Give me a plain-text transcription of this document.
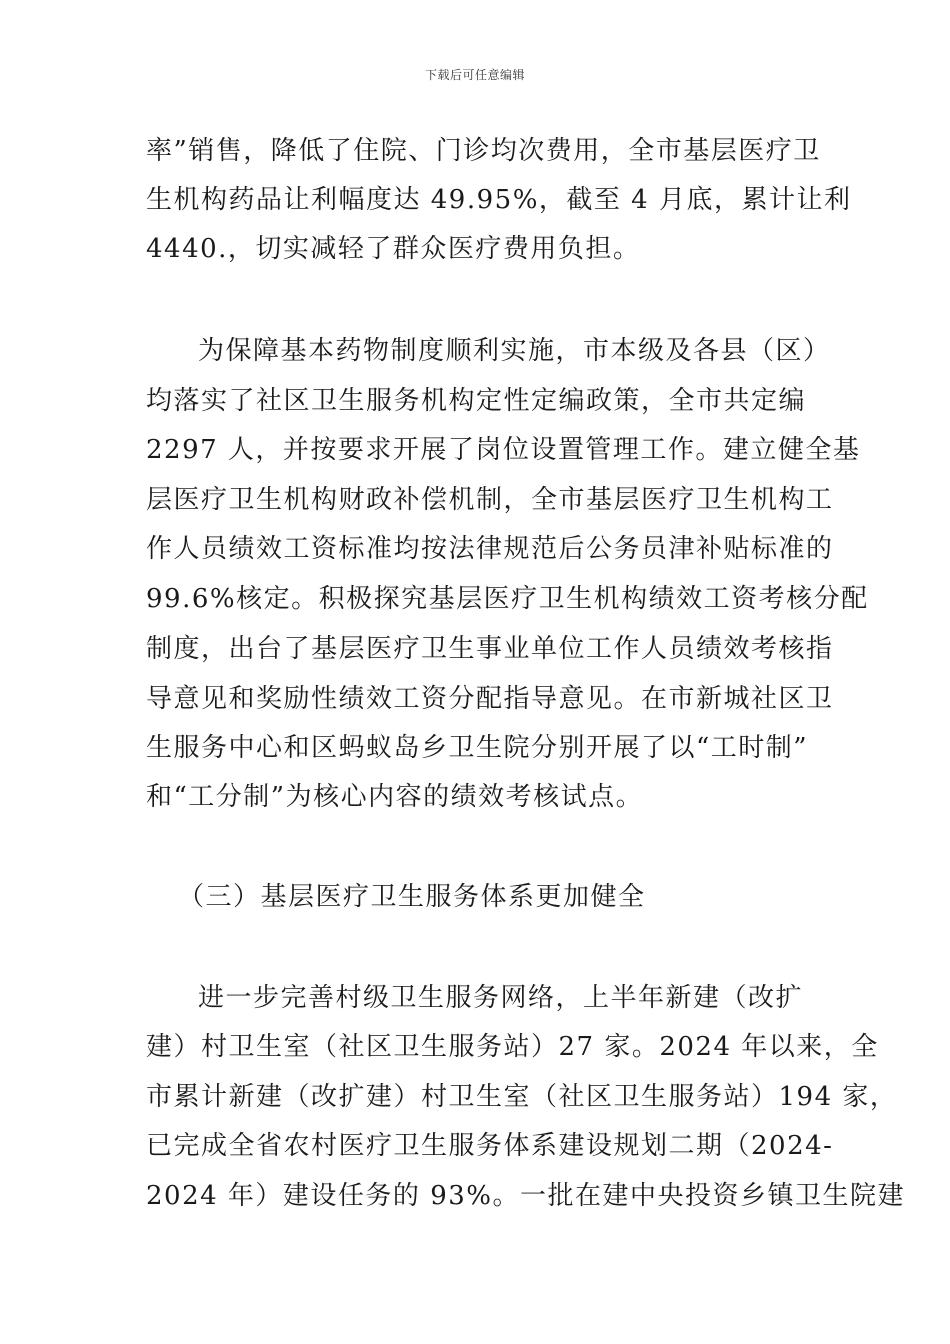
下载后可任意编辑
率”销售，降低了住院、门诊均次费用，全市基层医疗卫
生机构药品让利幅度达 49.95%，截至 4 月底，累计让利
4440.，切实减轻了群众医疗费用负担。
为保障基本药物制度顺利实施，市本级及各县（区）
均落实了社区卫生服务机构定性定编政策，全市共定编
2297 人，并按要求开展了岗位设置管理工作。建立健全基
层医疗卫生机构财政补偿机制，全市基层医疗卫生机构工
作人员绩效工资标准均按法律规范后公务员津补贴标准的
99.6%核定。积极探究基层医疗卫生机构绩效工资考核分配
制度，出台了基层医疗卫生事业单位工作人员绩效考核指
导意见和奖励性绩效工资分配指导意见。在市新城社区卫
生服务中心和区蚂蚁岛乡卫生院分别开展了以“工时制”
和“工分制”为核心内容的绩效考核试点。
（三）基层医疗卫生服务体系更加健全
进一步完善村级卫生服务网络，上半年新建（改扩
建）村卫生室（社区卫生服务站）27 家。2024 年以来，全
市累计新建（改扩建）村卫生室（社区卫生服务站）194 家，
已完成全省农村医疗卫生服务体系建设规划二期（2024-
2024 年）建设任务的 93%。一批在建中央投资乡镇卫生院建
